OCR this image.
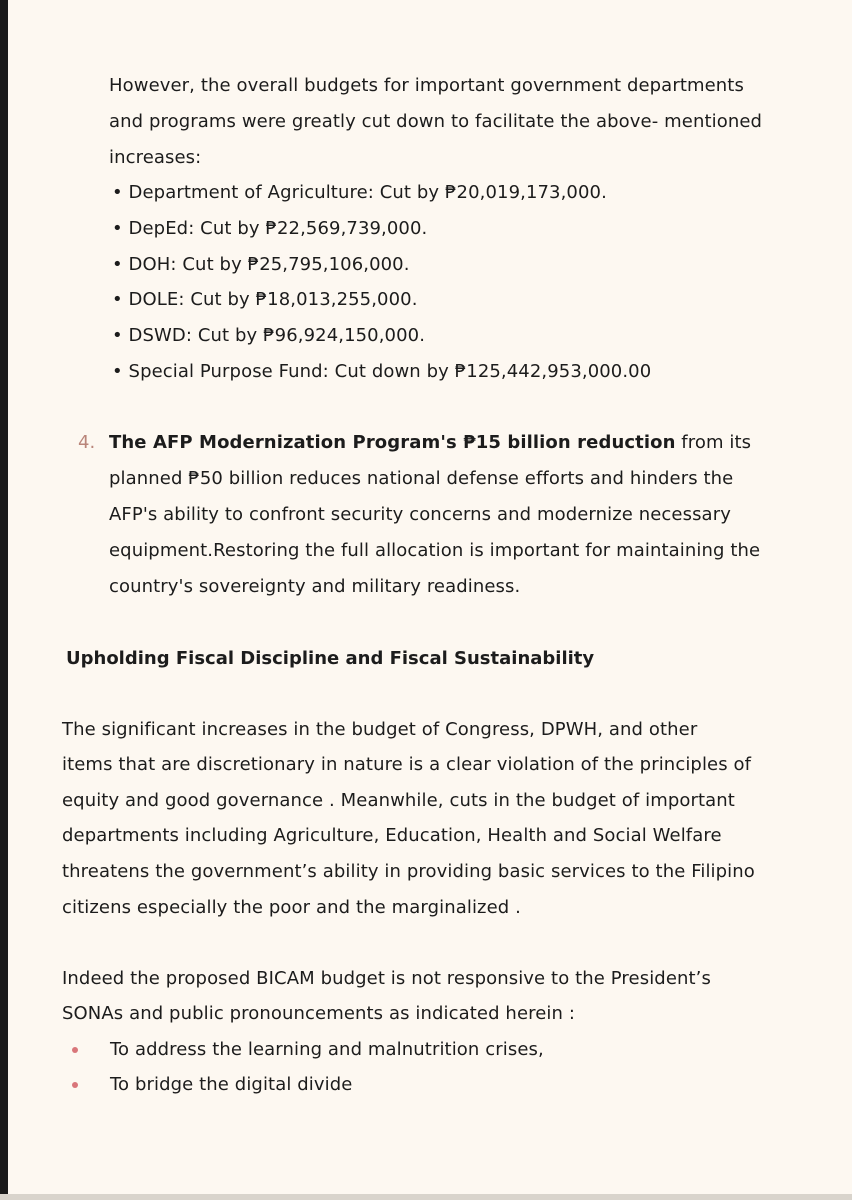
However, the overall budgets for important government departments
and programs were greatly cut down to facilitate the above- mentioned
increases:
• Department of Agriculture: Cut by ₱20,019,173,000.
• DepEd: Cut by ₱22,569,739,000.
• DOH: Cut by ₱25,795,106,000.
• DOLE: Cut by ₱18,013,255,000.
• DSWD: Cut by ₱96,924,150,000.
• Special Purpose Fund: Cut down by ₱125,442,953,000.00
4. The AFP Modernization Program's ₱15 billion reduction from its
planned ₱50 billion reduces national defense efforts and hinders the
AFP's ability to confront security concerns and modernize necessary
equipment.Restoring the full allocation is important for maintaining the
country's sovereignty and military readiness.
Upholding Fiscal Discipline and Fiscal Sustainability
The significant increases in the budget of Congress, DPWH, and other
items that are discretionary in nature is a clear violation of the principles of
equity and good governance . Meanwhile, cuts in the budget of important
departments including Agriculture, Education, Health and Social Welfare
threatens the government’s ability in providing basic services to the Filipino
citizens especially the poor and the marginalized .
Indeed the proposed BICAM budget is not responsive to the President’s
SONAs and public pronouncements as indicated herein :
To address the learning and malnutrition crises,
To bridge the digital divide
